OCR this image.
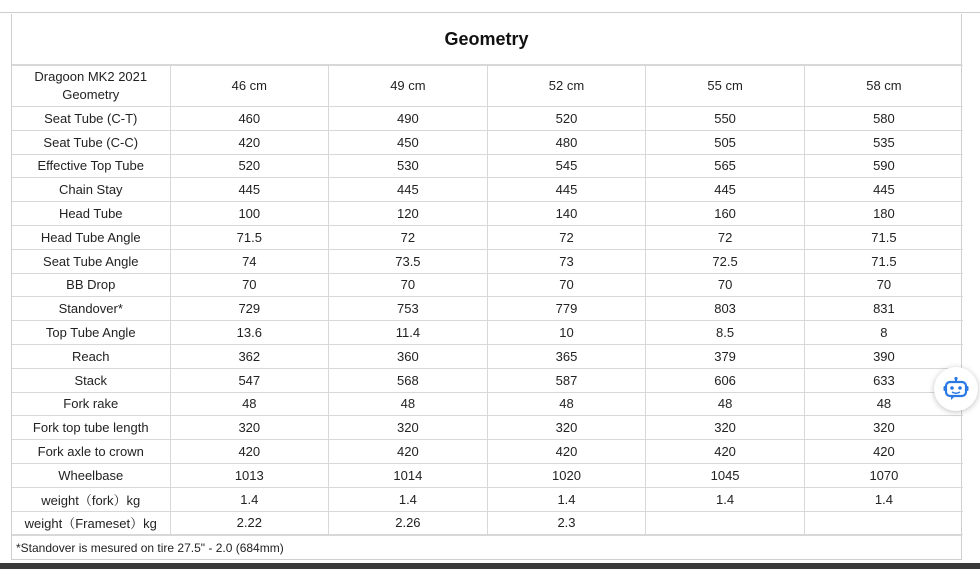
Geometry
Dragoon MK2 2021
Geometry	46 cm	49 cm	52 cm	55 cm	58 cm
Seat Tube (C-T)	460	490	520	550	580
Seat Tube (C-C)	420	450	480	505	535
Effective Top Tube	520	530	545	565	590
Chain Stay	445	445	445	445	445
Head Tube	100	120	140	160	180
Head Tube Angle	71.5	72	72	72	71.5
Seat Tube Angle	74	73.5	73	72.5	71.5
BB Drop	70	70	70	70	70
Standover*	729	753	779	803	831
Top Tube Angle	13.6	11.4	10	8.5	8
Reach	362	360	365	379	390
Stack	547	568	587	606	633
Fork rake	48	48	48	48	48
Fork top tube length	320	320	320	320	320
Fork axle to crown	420	420	420	420	420
Wheelbase	1013	1014	1020	1045	1070
weight（fork）kg	1.4	1.4	1.4	1.4	1.4
weight（Frameset）kg	2.22	2.26	2.3		
*Standover is mesured on tire 27.5" - 2.0 (684mm)
